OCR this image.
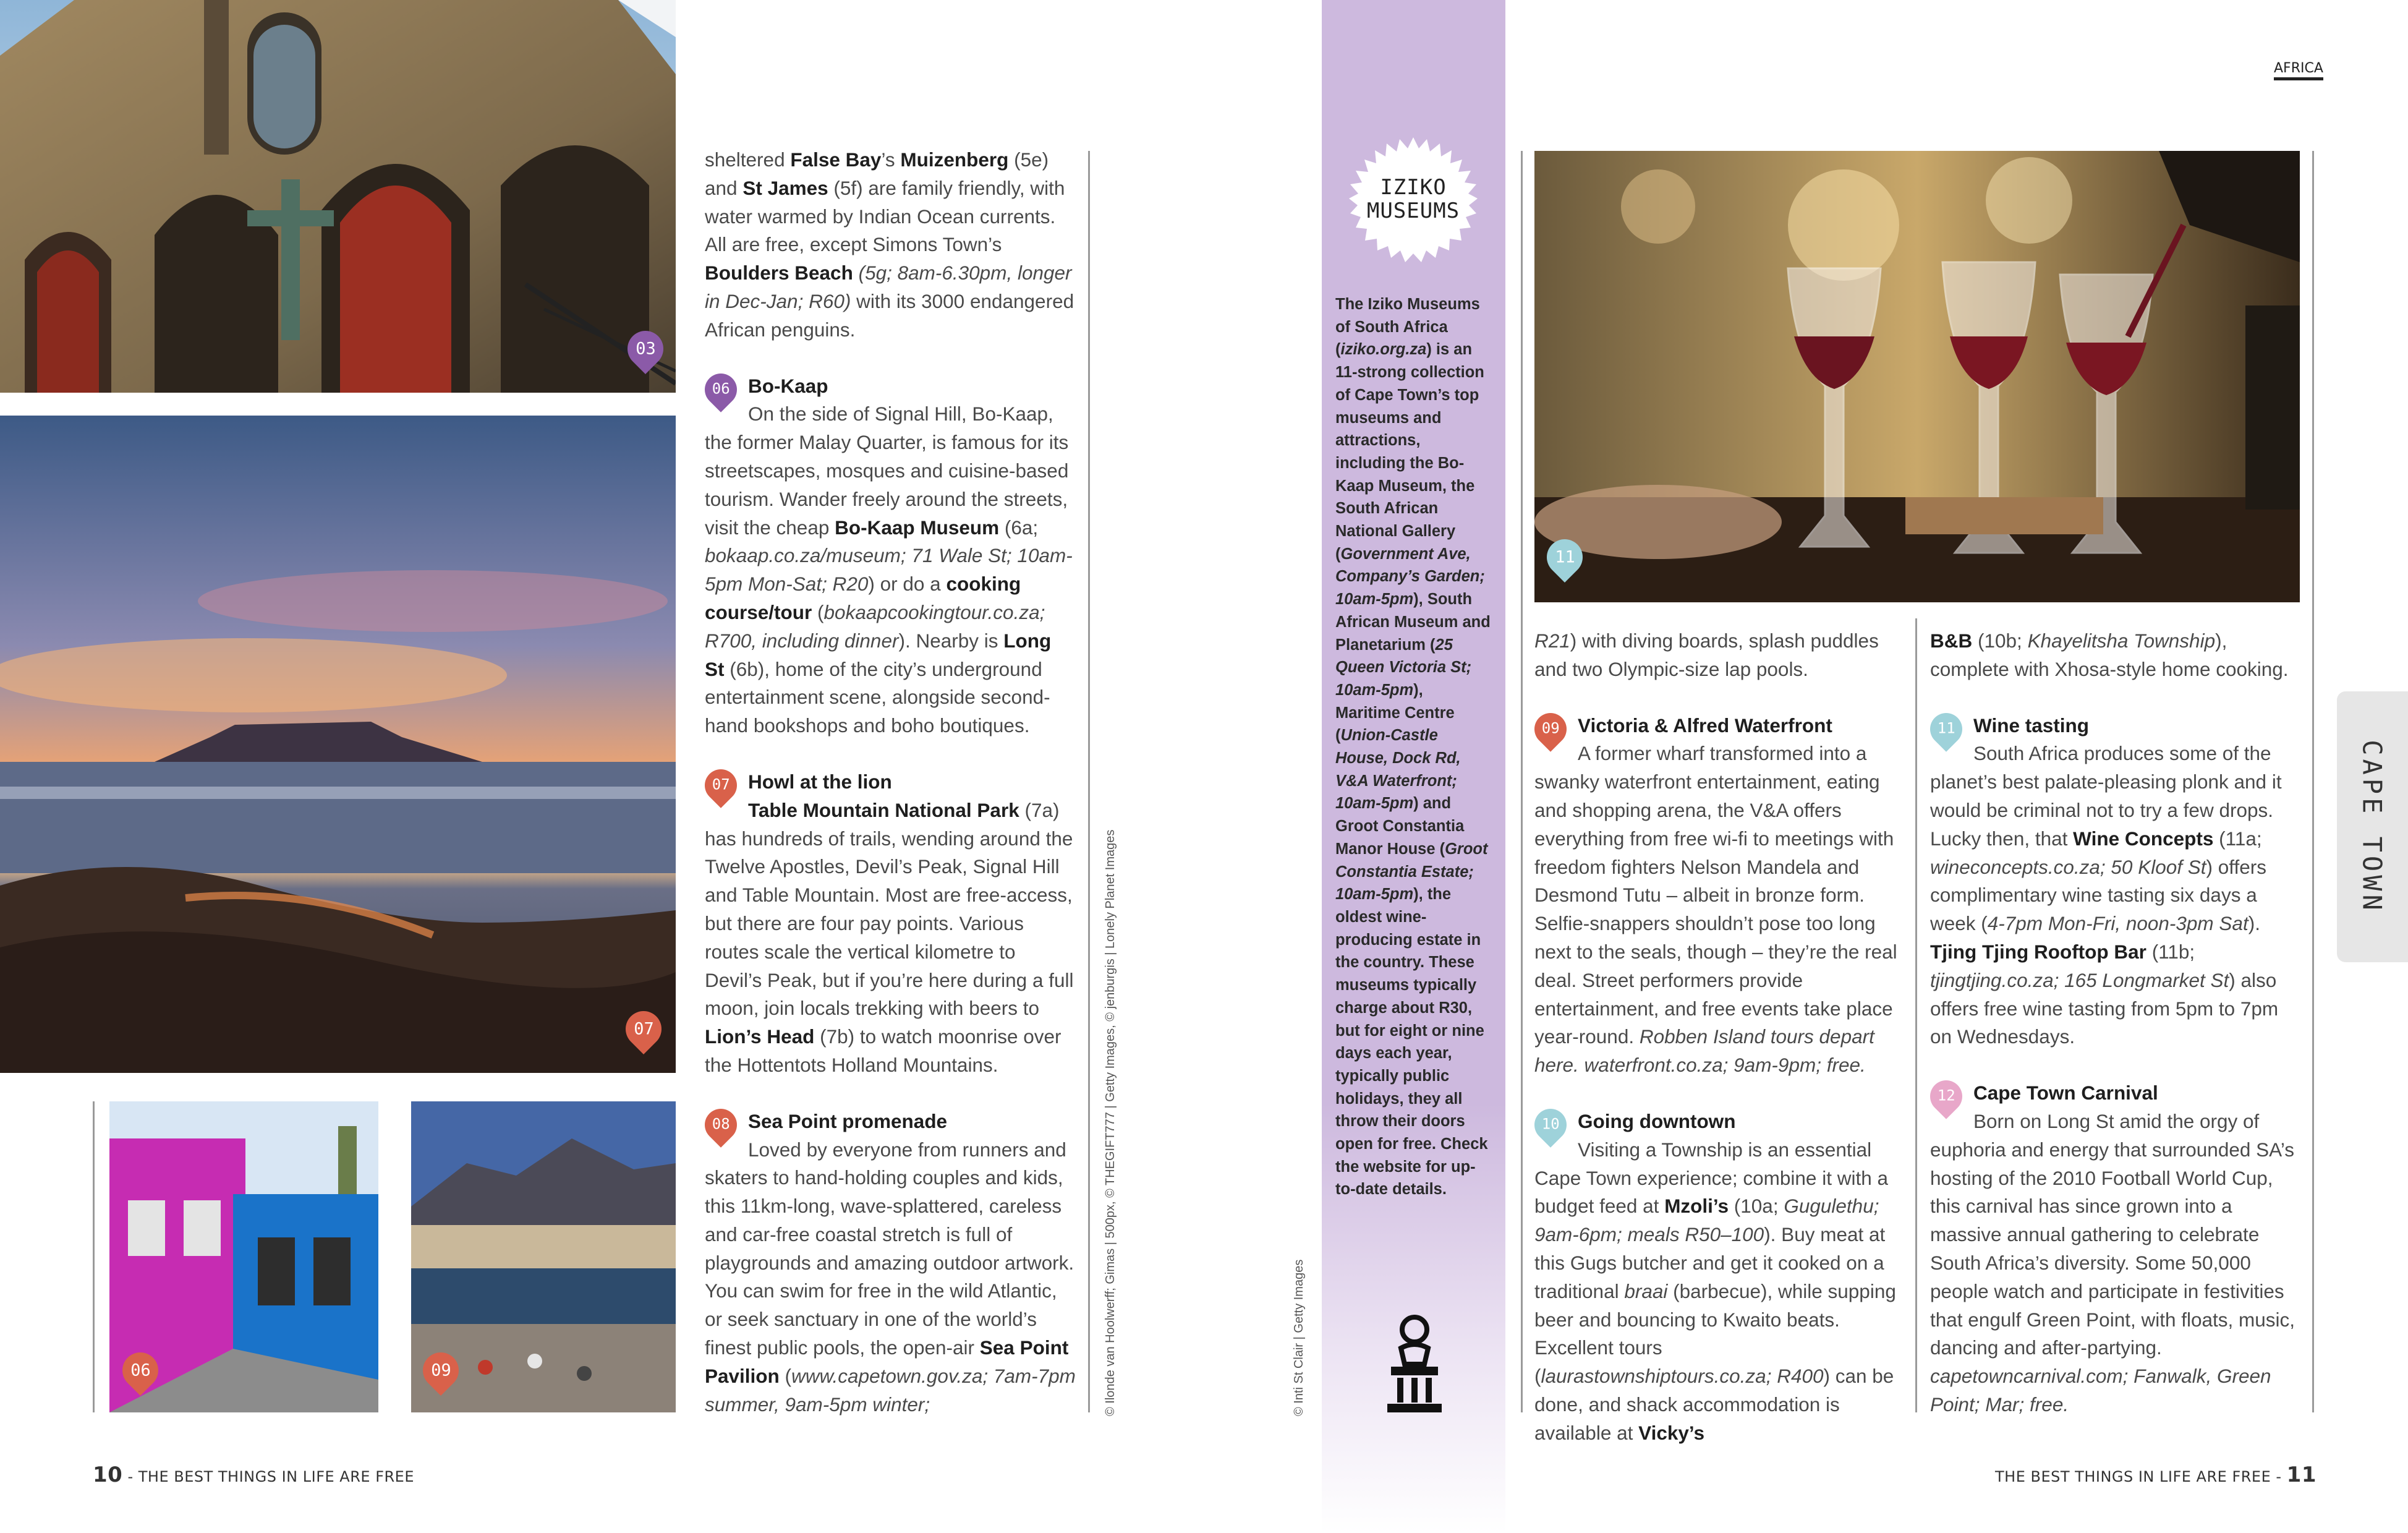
03
07
06	09

sheltered False Bay’s Muizenberg (5e) and St James (5f) are family friendly, with water warmed by Indian Ocean currents. All are free, except Simons Town’s Boulders Beach (5g; 8am-6.30pm, longer in Dec-Jan; R60) with its 3000 endangered African penguins.

06 Bo-Kaap
On the side of Signal Hill, Bo-Kaap, the former Malay Quarter, is famous for its streetscapes, mosques and cuisine-based tourism. Wander freely around the streets, visit the cheap Bo-Kaap Museum (6a; bokaap.co.za/museum; 71 Wale St; 10am-5pm Mon-Sat; R20) or do a cooking course/tour (bokaapcookingtour.co.za; R700, including dinner). Nearby is Long St (6b), home of the city’s underground entertainment scene, alongside second-hand bookshops and boho boutiques.

07 Howl at the lion
Table Mountain National Park (7a) has hundreds of trails, wending around the Twelve Apostles, Devil’s Peak, Signal Hill and Table Mountain. Most are free-access, but there are four pay points. Various routes scale the vertical kilometre to Devil’s Peak, but if you’re here during a full moon, join locals trekking with beers to Lion’s Head (7b) to watch moonrise over the Hottentots Holland Mountains.

08 Sea Point promenade
Loved by everyone from runners and skaters to hand-holding couples and kids, this 11km-long, wave-splattered, careless and car-free coastal stretch is full of playgrounds and amazing outdoor artwork. You can swim for free in the wild Atlantic, or seek sanctuary in one of the world’s finest public pools, the open-air Sea Point Pavilion (www.capetown.gov.za; 7am-7pm summer, 9am-5pm winter;	© Ilonde van Hoolwerff; Gimas | 500px, © THEGIFT777 | Getty Images, © jenburgis | Lonely Planet Images	© Inti St Clair | Getty Images
IZIKO
MUSEUMS
The Iziko Museums of South Africa (iziko.org.za) is an 11-strong collection of Cape Town’s top museums and attractions, including the Bo-Kaap Museum, the South African National Gallery (Government Ave, Company’s Garden; 10am-5pm), South African Museum and Planetarium (25 Queen Victoria St; 10am-5pm), Maritime Centre (Union-Castle House, Dock Rd, V&A Waterfront; 10am-5pm) and Groot Constantia Manor House (Groot Constantia Estate; 10am-5pm), the oldest wine-producing estate in the country. These museums typically charge about R30, but for eight or nine days each year, typically public holidays, they all throw their doors open for free. Check the website for up-to-date details.
AFRICA
11

R21) with diving boards, splash puddles and two Olympic-size lap pools.

09 Victoria & Alfred Waterfront
A former wharf transformed into a swanky waterfront entertainment, eating and shopping arena, the V&A offers everything from free wi-fi to meetings with freedom fighters Nelson Mandela and Desmond Tutu – albeit in bronze form. Selfie-snappers shouldn’t pose too long next to the seals, though – they’re the real deal. Street performers provide entertainment, and free events take place year-round. Robben Island tours depart here. waterfront.co.za; 9am-9pm; free.

10 Going downtown
Visiting a Township is an essential Cape Town experience; combine it with a budget feed at Mzoli’s (10a; Gugulethu; 9am-6pm; meals R50–100). Buy meat at this Gugs butcher and get it cooked on a traditional braai (barbecue), while supping beer and bouncing to Kwaito beats. Excellent tours (laurastownshiptours.co.za; R400) can be done, and shack accommodation is available at Vicky’s

B&B (10b; Khayelitsha Township), complete with Xhosa-style home cooking.

11 Wine tasting
South Africa produces some of the planet’s best palate-pleasing plonk and it would be criminal not to try a few drops. Lucky then, that Wine Concepts (11a; wineconcepts.co.za; 50 Kloof St) offers complimentary wine tasting six days a week (4-7pm Mon-Fri, noon-3pm Sat). Tjing Tjing Rooftop Bar (11b; tjingtjing.co.za; 165 Longmarket St) also offers free wine tasting from 5pm to 7pm on Wednesdays.

12 Cape Town Carnival
Born on Long St amid the orgy of euphoria and energy that surrounded SA’s hosting of the 2010 Football World Cup, this carnival has since grown into a massive annual gathering to celebrate South Africa’s diversity. Some 50,000 people watch and participate in festivities that engulf Green Point, with floats, music, dancing and after-partying. capetowncarnival.com; Fanwalk, Green Point; Mar; free.

CAPE TOWN
10 - THE BEST THINGS IN LIFE ARE FREE	THE BEST THINGS IN LIFE ARE FREE - 11
